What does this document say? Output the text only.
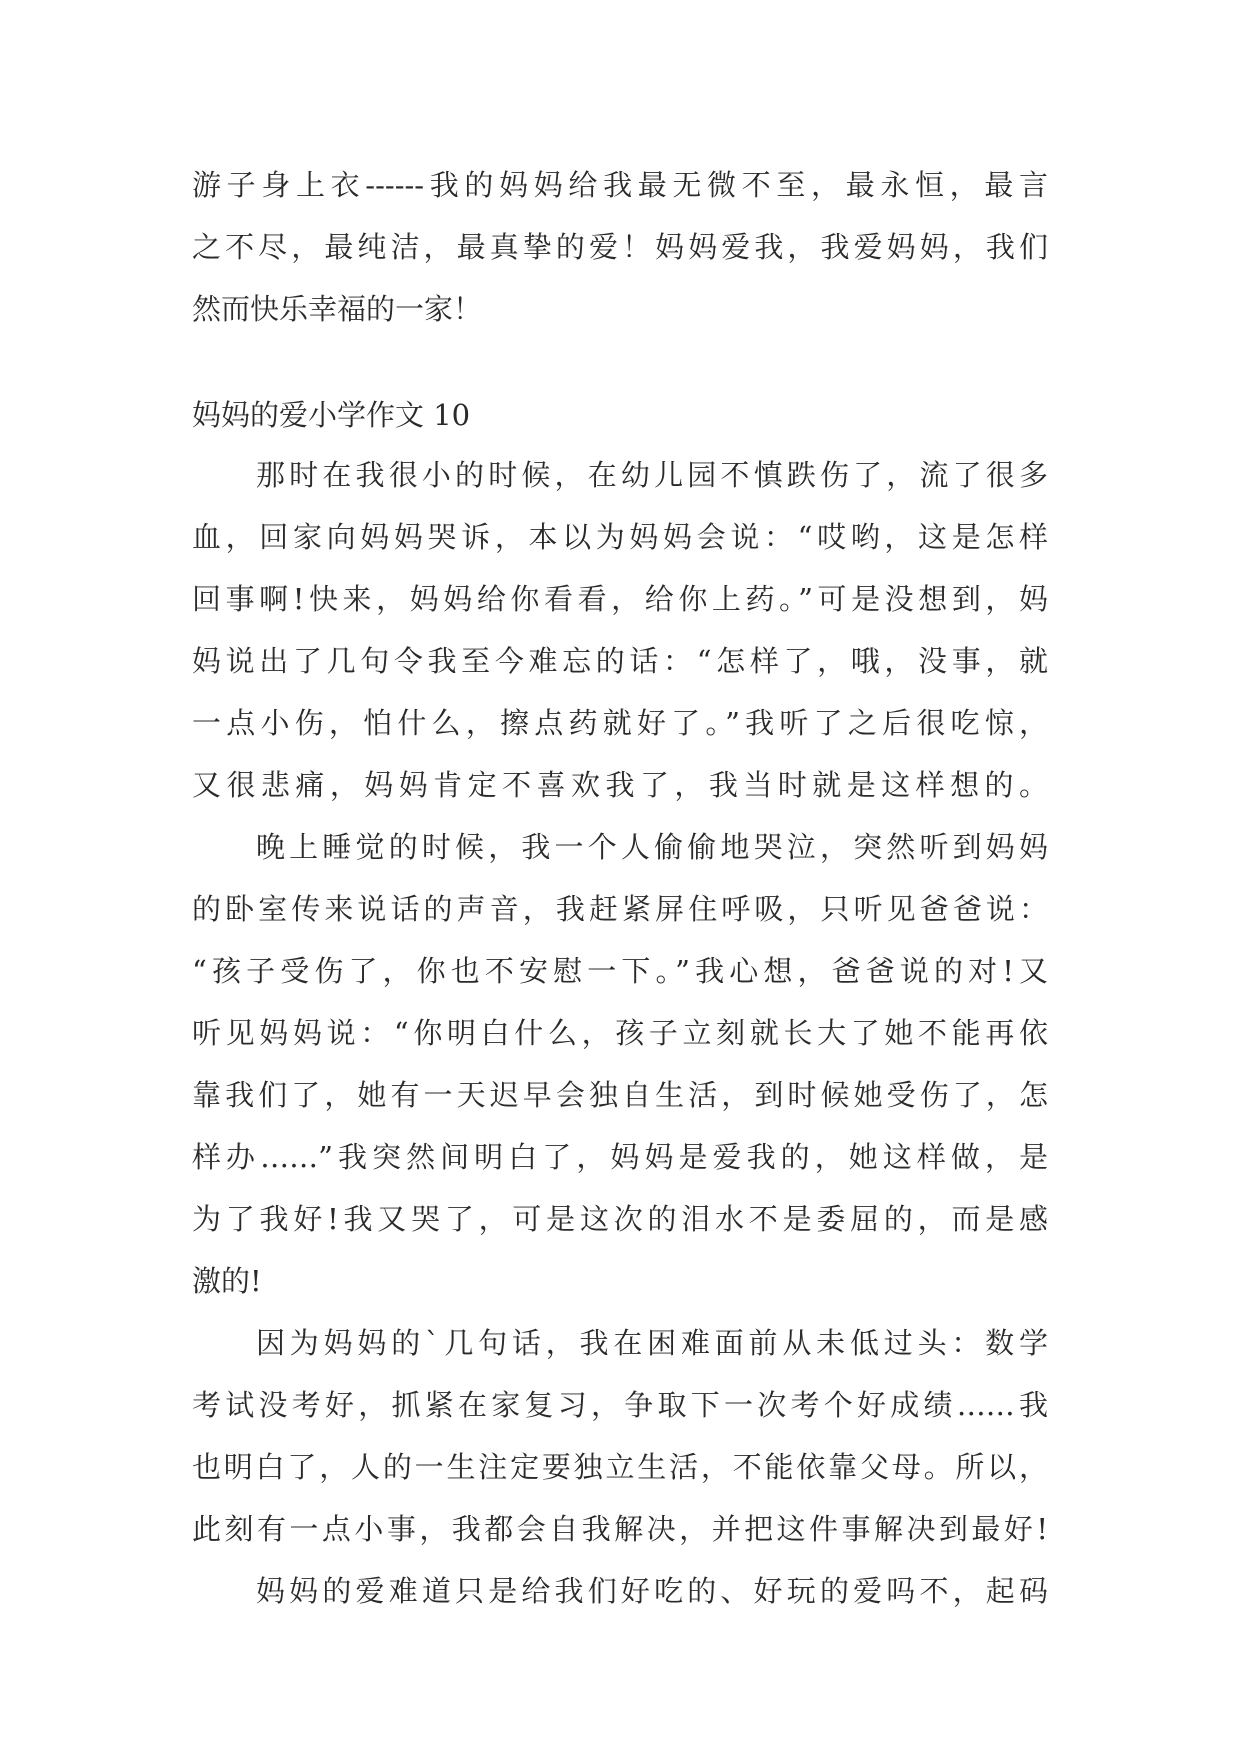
游子身上衣------我的妈妈给我最无微不至，最永恒，最言

之不尽，最纯洁，最真挚的爱！妈妈爱我，我爱妈妈，我们

然而快乐幸福的一家！

妈妈的爱小学作文 10

那时在我很小的时候，在幼儿园不慎跌伤了，流了很多

血，回家向妈妈哭诉，本以为妈妈会说：“哎哟，这是怎样

回事啊!快来，妈妈给你看看，给你上药。”可是没想到，妈

妈说出了几句令我至今难忘的话：“怎样了，哦，没事，就

一点小伤，怕什么，擦点药就好了。”我听了之后很吃惊，

又很悲痛，妈妈肯定不喜欢我了，我当时就是这样想的。

晚上睡觉的时候，我一个人偷偷地哭泣，突然听到妈妈

的卧室传来说话的声音，我赶紧屏住呼吸，只听见爸爸说：

“孩子受伤了，你也不安慰一下。”我心想，爸爸说的对!又

听见妈妈说：“你明白什么，孩子立刻就长大了她不能再依

靠我们了，她有一天迟早会独自生活，到时候她受伤了，怎

样办……”我突然间明白了，妈妈是爱我的，她这样做，是

为了我好!我又哭了，可是这次的泪水不是委屈的，而是感

激的!

因为妈妈的`几句话，我在困难面前从未低过头：数学

考试没考好，抓紧在家复习，争取下一次考个好成绩……我

也明白了，人的一生注定要独立生活，不能依靠父母。所以，

此刻有一点小事，我都会自我解决，并把这件事解决到最好!

妈妈的爱难道只是给我们好吃的、好玩的爱吗不，起码
